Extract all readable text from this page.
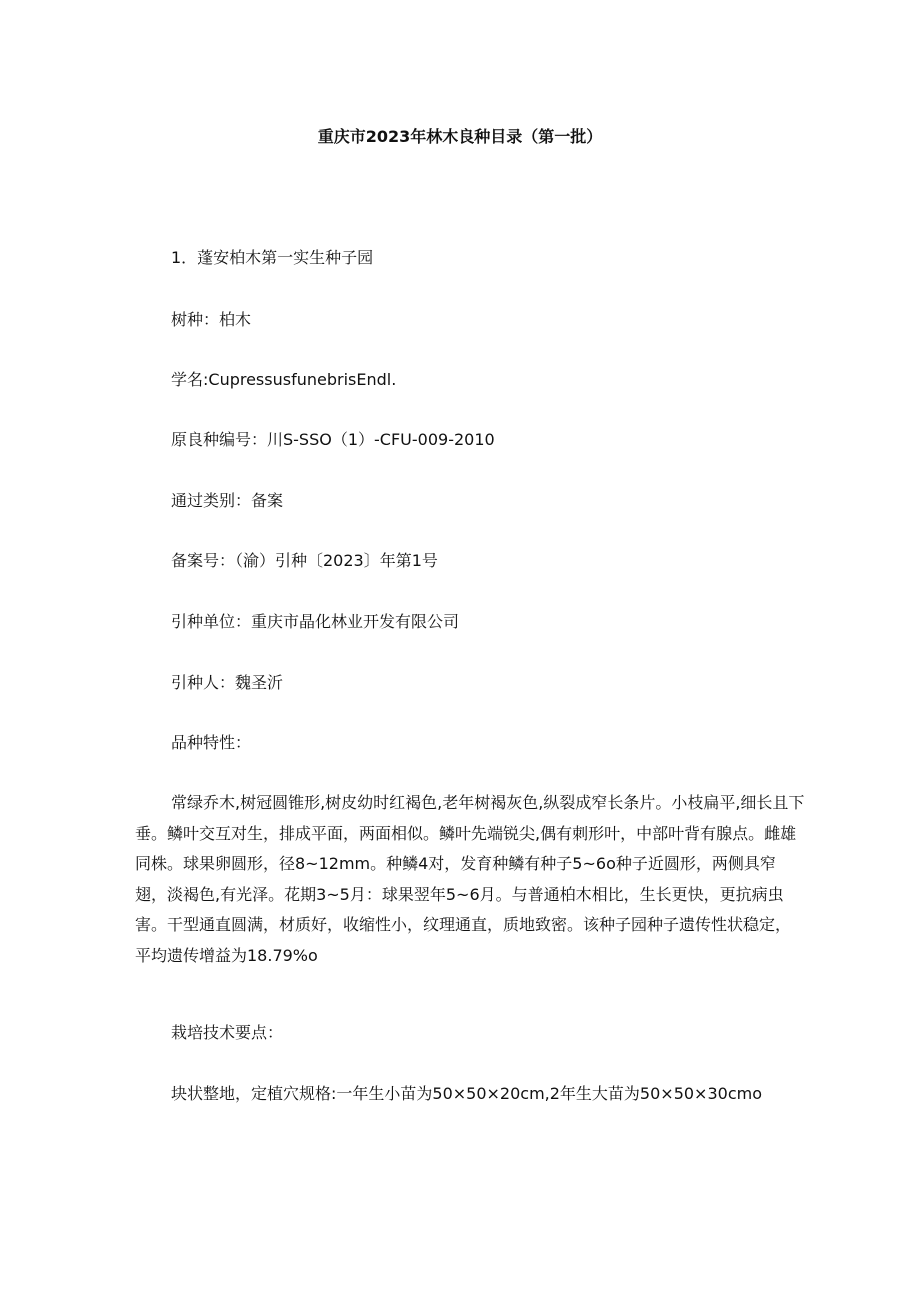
重庆市2023年林木良种目录（第一批）
1．蓬安柏木第一实生种子园
树种：柏木
学名:CupressusfunebrisEndl.
原良种编号：川S-SSO（1）-CFU-009-2010
通过类别：备案
备案号：（渝）引种〔2023〕年第1号
引种单位：重庆市晶化林业开发有限公司
引种人：魏圣沂
品种特性：
常绿乔木,树冠圆锥形,树皮幼时红褐色,老年树褐灰色,纵裂成窄长条片。小枝扁平,细长且下垂。鳞叶交互对生，排成平面，两面相似。鳞叶先端锐尖,偶有刺形叶，中部叶背有腺点。雌雄同株。球果卵圆形，径8~12mm。种鳞4对，发育种鳞有种子5~6o种子近圆形，两侧具窄翅，淡褐色,有光泽。花期3~5月：球果翌年5~6月。与普通柏木相比，生长更快，更抗病虫害。干型通直圆满，材质好，收缩性小，纹理通直，质地致密。该种子园种子遗传性状稳定，平均遗传增益为18.79%o
栽培技术要点：
块状整地，定植穴规格:一年生小苗为50×50×20cm,2年生大苗为50×50×30cmo
